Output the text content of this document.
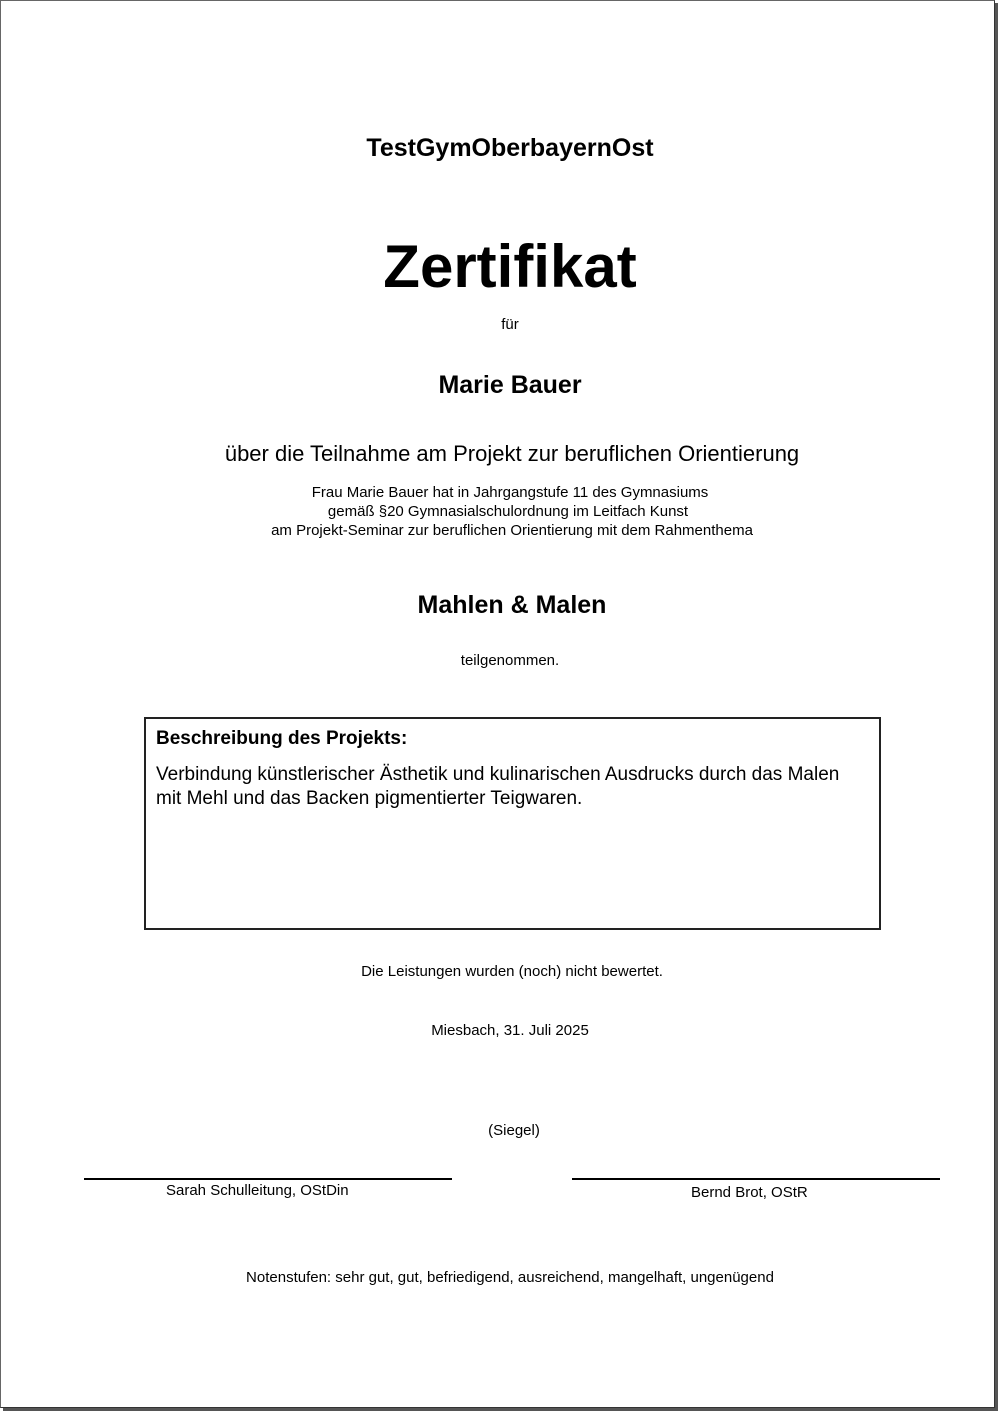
TestGymOberbayernOst
Zertifikat
für
Marie Bauer
über die Teilnahme am Projekt zur beruflichen Orientierung
Frau Marie Bauer hat in Jahrgangstufe 11 des Gymnasiums
gemäß §20 Gymnasialschulordnung im Leitfach Kunst
am Projekt-Seminar zur beruflichen Orientierung mit dem Rahmenthema
Mahlen & Malen
teilgenommen.

Beschreibung des Projekts:

Verbindung künstlerischer Ästhetik und kulinarischen Ausdrucks durch das Malen mit Mehl und das Backen pigmentierter Teigwaren.

Die Leistungen wurden (noch) nicht bewertet.
Miesbach, 31. Juli 2025
(Siegel)
Sarah Schulleitung, OStDin	Bernd Brot, OStR
Notenstufen: sehr gut, gut, befriedigend, ausreichend, mangelhaft, ungenügend
